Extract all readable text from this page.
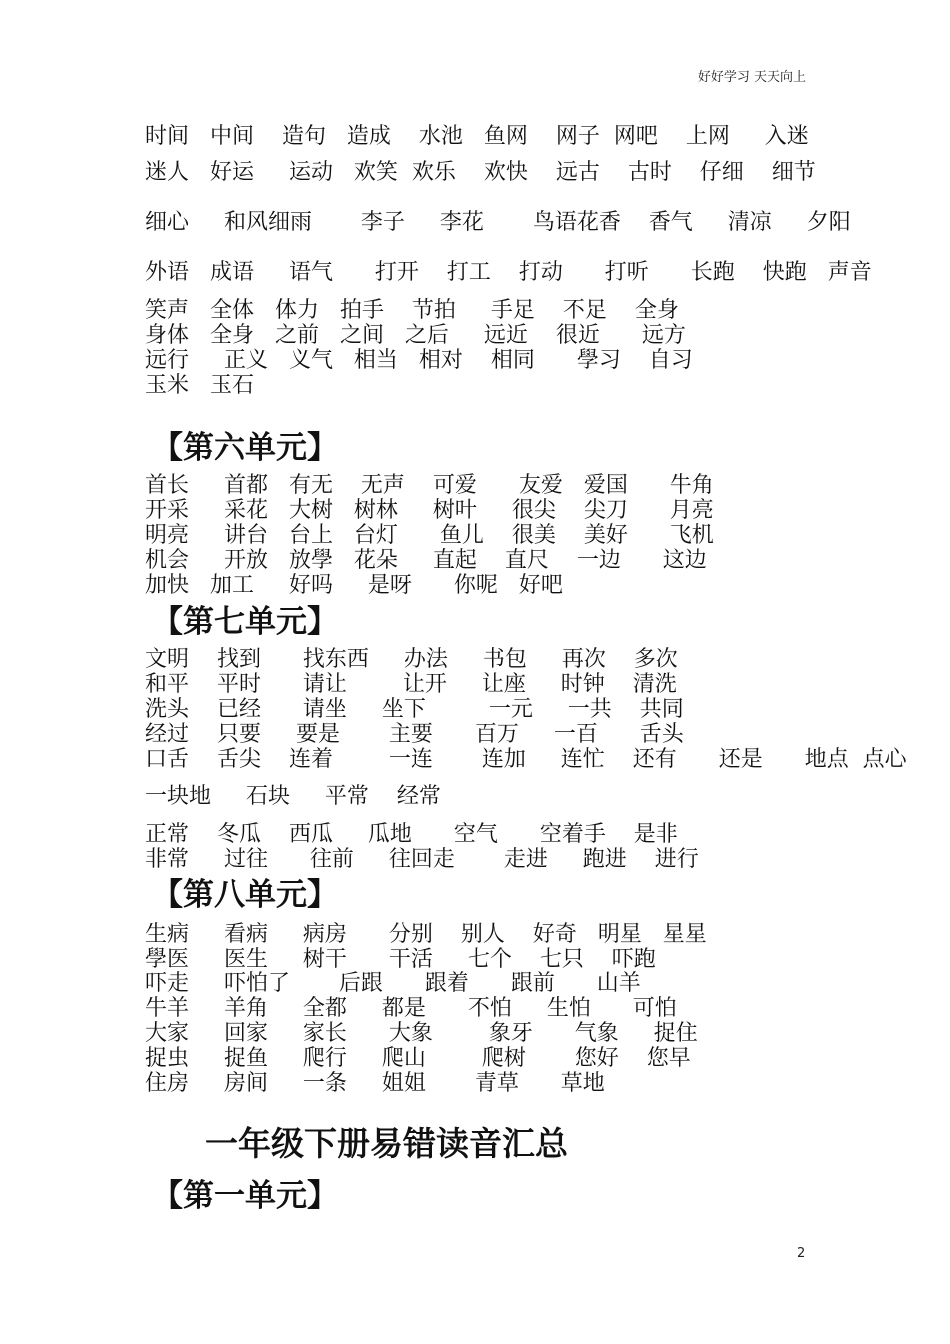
好好学习 天天向上
时间   中间    造句   造成    水池   鱼网    网子  网吧    上网     入迷
迷人   好运     运动   欢笑  欢乐    欢快    远古    古时    仔细    细节
细心     和风细雨       李子     李花       鸟语花香    香气     清凉     夕阳
外语   成语     语气      打开    打工    打动      打听      长跑    快跑   声音
笑声   全体   体力   拍手    节拍     手足    不足    全身
身体   全身   之前   之间   之后     远近    很近      远方
远行     正义   义气   相当   相对    相同      學习    自习
玉米   玉石
【第六单元】
首长     首都   有无    无声    可爱      友爱   爱国      牛角
开采     采花   大树   树林     树叶     很尖    尖刀      月亮
明亮     讲台   台上   台灯      鱼儿    很美    美好      飞机
机会     开放   放學   花朵     直起    直尺    一边      这边
加快   加工     好吗     是呀      你呢   好吧
【第七单元】
文明    找到      找东西     办法     书包     再次    多次
和平    平时      请让        让开     让座     时钟    清洗
洗头    已经      请坐     坐下         一元     一共    共同
经过    只要     要是       主要      百万     一百      舌头
口舌    舌尖    连着        一连       连加     连忙    还有      还是      地点  点心
一块地     石块     平常    经常
正常    冬瓜    西瓜     瓜地      空气      空着手    是非
非常     过往      往前     往回走       走进     跑进    进行
【第八单元】
生病     看病     病房      分别    别人    好奇   明星   星星
學医     医生     树干      干活     七个    七只    吓跑
吓走     吓怕了       后跟      跟着      跟前      山羊
牛羊     羊角     全都     都是      不怕     生怕      可怕
大家     回家     家长      大象        象牙      气象     捉住
捉虫     捉鱼     爬行     爬山        爬树       您好    您早
住房     房间     一条     姐姐       青草      草地
一年级下册易错读音汇总
【第一单元】
2
